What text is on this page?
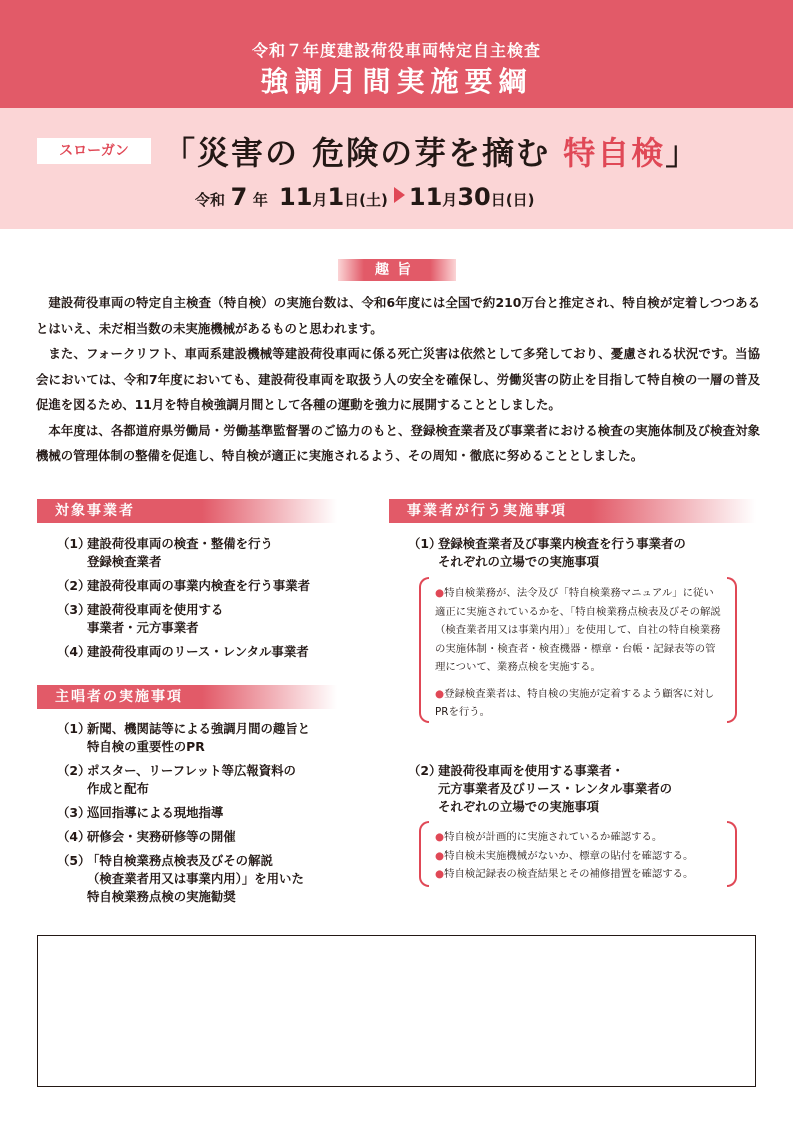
令和７年度建設荷役車両特定自主検査
強調月間実施要綱
スローガン	「災害の 危険の芽を摘む 特自検」
令和 7 年 11月1日(土) 11月30日(日)
趣旨

建設荷役車両の特定自主検査（特自検）の実施台数は、令和6年度には全国で約210万台と推定され、特自検が定着しつつあるとはいえ、未だ相当数の未実施機械があるものと思われます。

また、フォークリフト、車両系建設機械等建設荷役車両に係る死亡災害は依然として多発しており、憂慮される状況です。当協会においては、令和7年度においても、建設荷役車両を取扱う人の安全を確保し、労働災害の防止を目指して特自検の一層の普及促進を図るため、11月を特自検強調月間として各種の運動を強力に展開することとしました。

本年度は、各都道府県労働局・労働基準監督署のご協力のもと、登録検査業者及び事業者における検査の実施体制及び検査対象機械の管理体制の整備を促進し、特自検が適正に実施されるよう、その周知・徹底に努めることとしました。

対象事業者
（1）
建設荷役車両の検査・整備を行う
登録検査業者
（2）
建設荷役車両の事業内検査を行う事業者
（3）
建設荷役車両を使用する
事業者・元方事業者
（4）
建設荷役車両のリース・レンタル事業者
主唱者の実施事項
（1）
新聞、機関誌等による強調月間の趣旨と
特自検の重要性のPR
（2）
ポスター、リーフレット等広報資料の
作成と配布
（3）
巡回指導による現地指導
（4）
研修会・実務研修等の開催
（5）
「特自検業務点検表及びその解説
（検査業者用又は事業内用）」を用いた
特自検業務点検の実施勧奨
事業者が行う実施事項
（1）
登録検査業者及び事業内検査を行う事業者の
それぞれの立場での実施事項

●特自検業務が、法令及び「特自検業務マニュアル」に従い適正に実施されているかを、「特自検業務点検表及びその解説（検査業者用又は事業内用）」を使用して、自社の特自検業務の実施体制・検査者・検査機器・標章・台帳・記録表等の管理について、業務点検を実施する。

●登録検査業者は、特自検の実施が定着するよう顧客に対しPRを行う。

（2）
建設荷役車両を使用する事業者・
元方事業者及びリース・レンタル事業者の
それぞれの立場での実施事項
●特自検が計画的に実施されているか確認する。
●特自検未実施機械がないか、標章の貼付を確認する。
●特自検記録表の検査結果とその補修措置を確認する。
